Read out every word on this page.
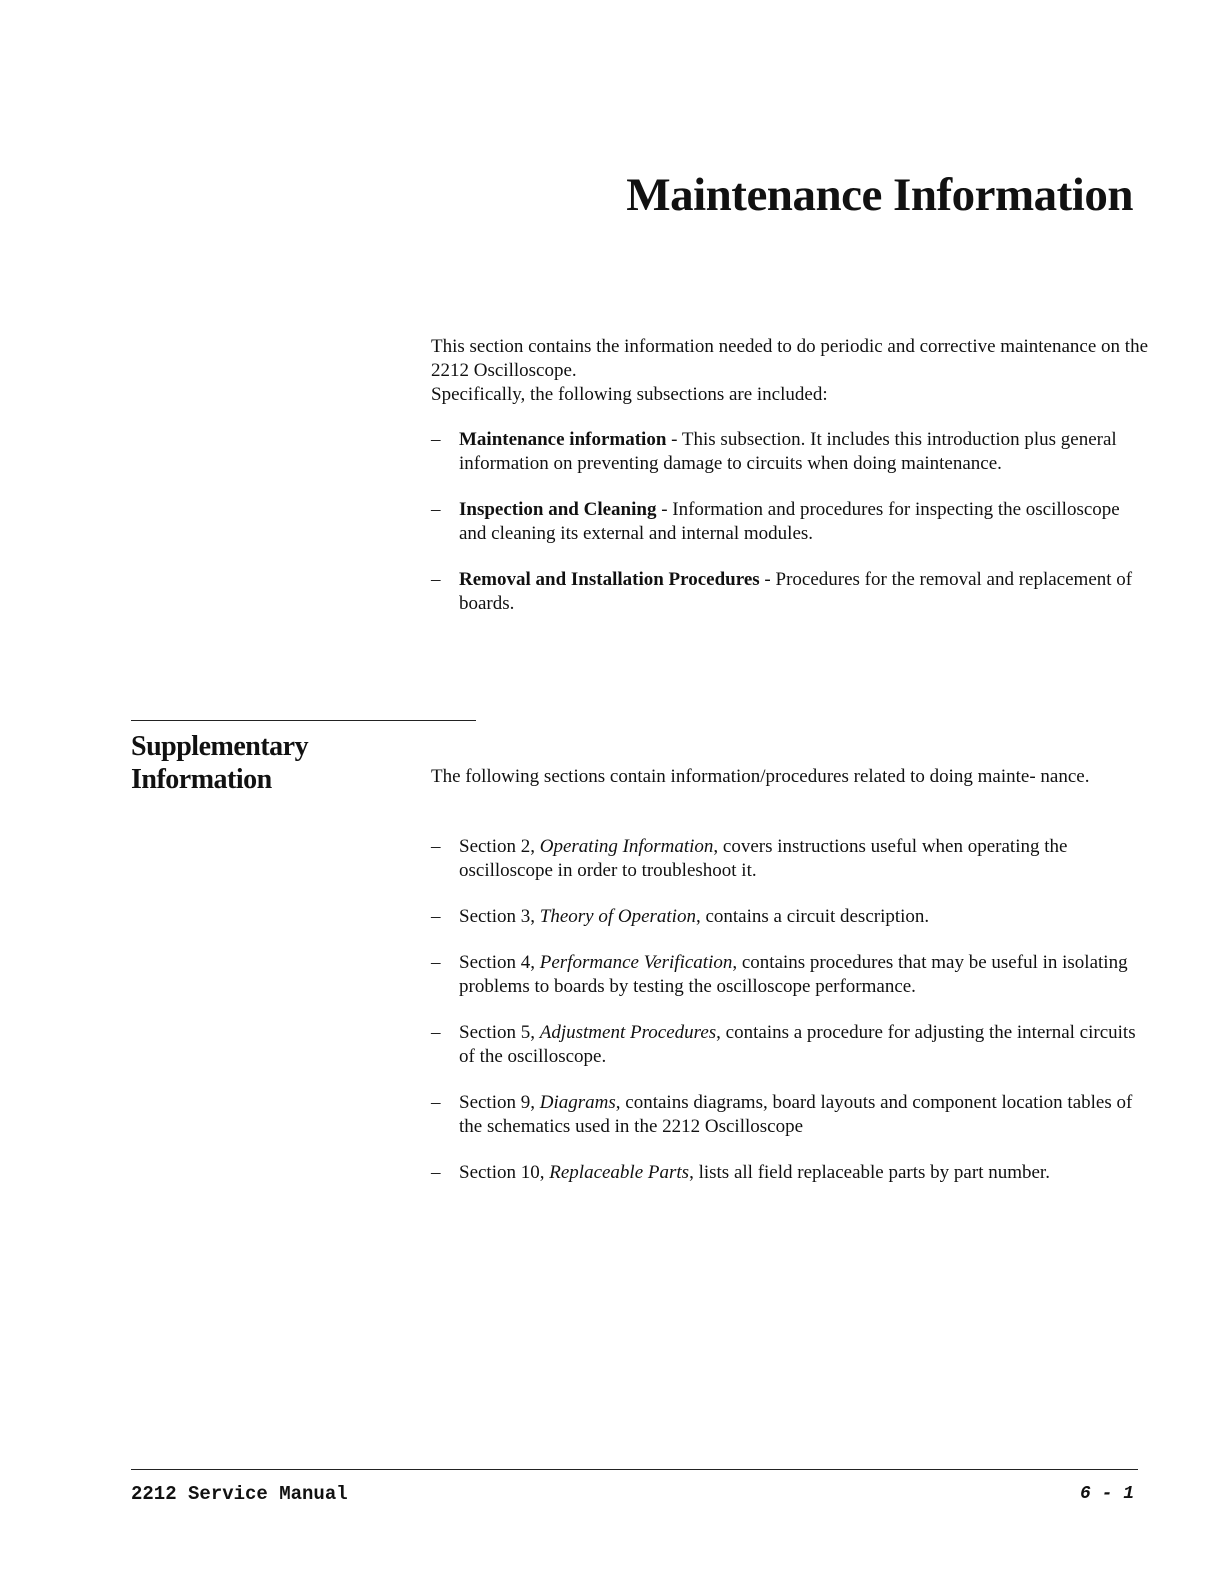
Maintenance Information

This section contains the information needed to do periodic and corrective maintenance on the 2212 Oscilloscope.

Specifically, the following subsections are included:

– Maintenance information - This subsection. It includes this introduction plus general information on preventing damage to circuits when doing maintenance.
– Inspection and Cleaning - Information and procedures for inspecting the oscilloscope and cleaning its external and internal modules.
– Removal and Installation Procedures - Procedures for the removal and replacement of boards.
Supplementary
Information	The following sections contain information/procedures related to doing mainte- nance.

– Section 2, Operating Information, covers instructions useful when operating the oscilloscope in order to troubleshoot it.
– Section 3, Theory of Operation, contains a circuit description.
– Section 4, Performance Verification, contains procedures that may be useful in isolating problems to boards by testing the oscilloscope performance.
– Section 5, Adjustment Procedures, contains a procedure for adjusting the internal circuits of the oscilloscope.
– Section 9, Diagrams, contains diagrams, board layouts and component location tables of the schematics used in the 2212 Oscilloscope
– Section 10, Replaceable Parts, lists all field replaceable parts by part number.
2212 Service Manual	6 - 1
